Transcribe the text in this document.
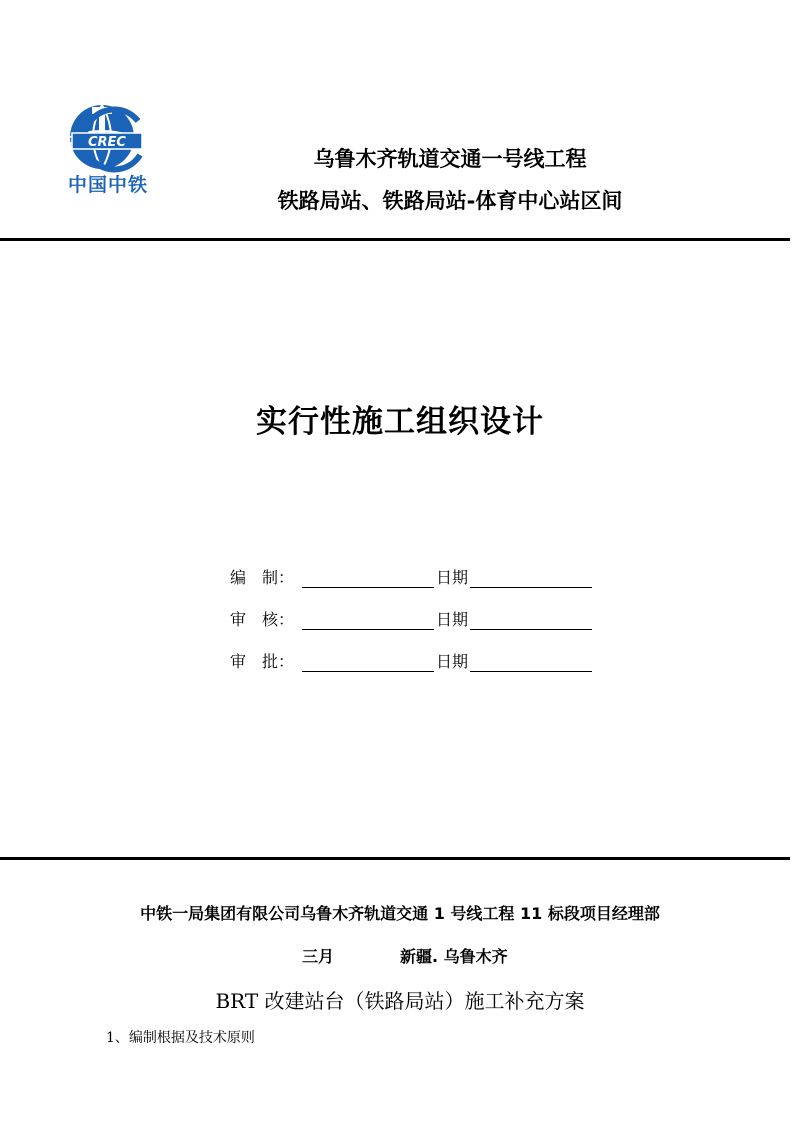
CREC
中国中铁
乌鲁木齐轨道交通一号线工程
铁路局站、铁路局站-体育中心站区间
实行性施工组织设计
编　制：	日期
审　核：	日期
审　批：	日期
中铁一局集团有限公司乌鲁木齐轨道交通 1 号线工程 11 标段项目经理部
三月	新疆. 乌鲁木齐
BRT 改建站台（铁路局站）施工补充方案
1、编制根据及技术原则
